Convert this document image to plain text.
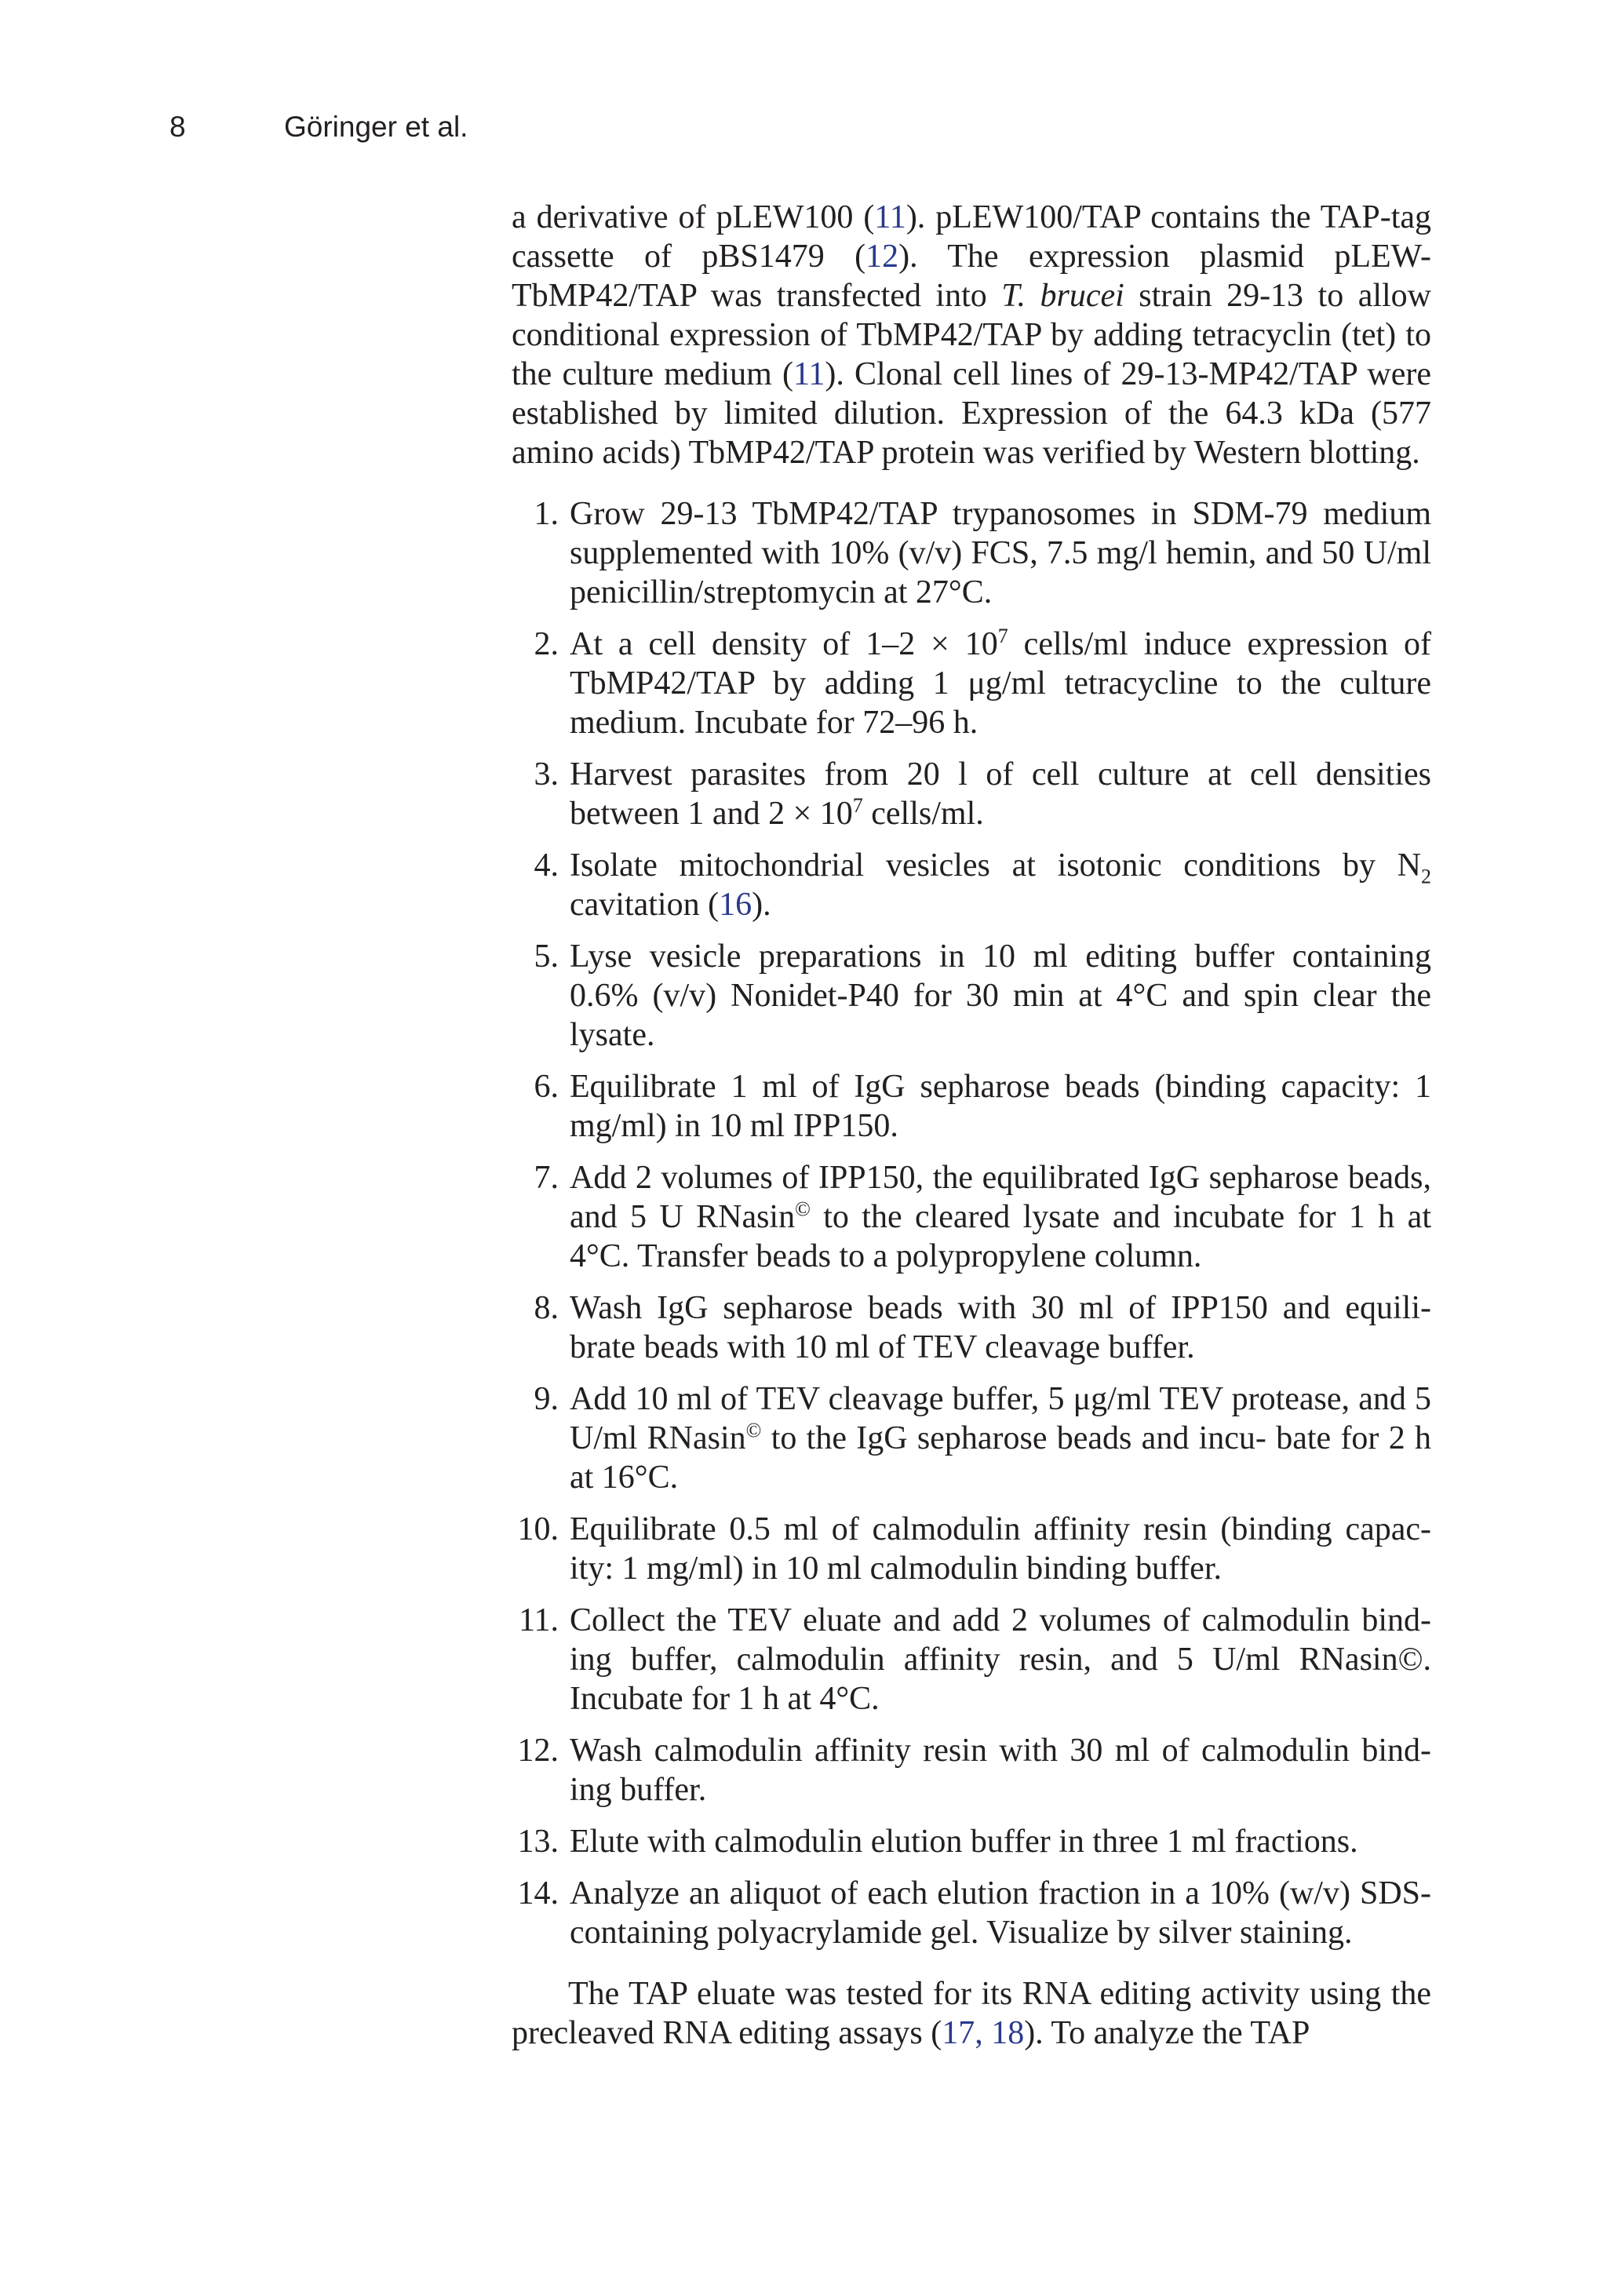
8	Göringer et al.

a derivative of pLEW100 (11). pLEW100/TAP contains the TAP-tag cassette of pBS1479 (12). The expression plasmid pLEW-TbMP42/TAP was transfected into T. brucei strain 29-13 to allow conditional expression of TbMP42/TAP by adding tetracyclin (tet) to the culture medium (11). Clonal cell lines of 29-13-MP42/TAP were established by limited dilution. Expression of the 64.3 kDa (577 amino acids) TbMP42/TAP protein was verified by Western blotting.

1. Grow 29-13 TbMP42/TAP trypanosomes in SDM-79 medium supplemented with 10% (v/v) FCS, 7.5 mg/l hemin, and 50 U/ml penicillin/streptomycin at 27°C.
2. At a cell density of $1-2 \times 10^7$ cells/ml induce expression of TbMP42/TAP by adding 1 μg/ml tetracycline to the culture medium. Incubate for 72–96 h.
3. Harvest parasites from 20 l of cell culture at cell densities between 1 and $2 \times 10^7$ cells/ml.
4. Isolate mitochondrial vesicles at isotonic conditions by $N_2$ cavitation (16).
5. Lyse vesicle preparations in 10 ml editing buffer containing 0.6% (v/v) Nonidet-P40 for 30 min at 4°C and spin clear the lysate.
6. Equilibrate 1 ml of IgG sepharose beads (binding capacity: 1 mg/ml) in 10 ml IPP150.
7. Add 2 volumes of IPP150, the equilibrated IgG sepharose beads, and 5 U RNasin© to the cleared lysate and incubate for 1 h at 4°C. Transfer beads to a polypropylene column.
8. Wash IgG sepharose beads with 30 ml of IPP150 and equili- brate beads with 10 ml of TEV cleavage buffer.
9. Add 10 ml of TEV cleavage buffer, 5 μg/ml TEV protease, and 5 U/ml RNasin© to the IgG sepharose beads and incu- bate for 2 h at 16°C.
10. Equilibrate 0.5 ml of calmodulin affinity resin (binding capac- ity: 1 mg/ml) in 10 ml calmodulin binding buffer.
11. Collect the TEV eluate and add 2 volumes of calmodulin bind- ing buffer, calmodulin affinity resin, and 5 U/ml RNasin©. Incubate for 1 h at 4°C.
12. Wash calmodulin affinity resin with 30 ml of calmodulin bind- ing buffer.
13. Elute with calmodulin elution buffer in three 1 ml fractions.
14. Analyze an aliquot of each elution fraction in a 10% (w/v) SDS- containing polyacrylamide gel. Visualize by silver staining.

The TAP eluate was tested for its RNA editing activity using the precleaved RNA editing assays (17, 18). To analyze the TAP
